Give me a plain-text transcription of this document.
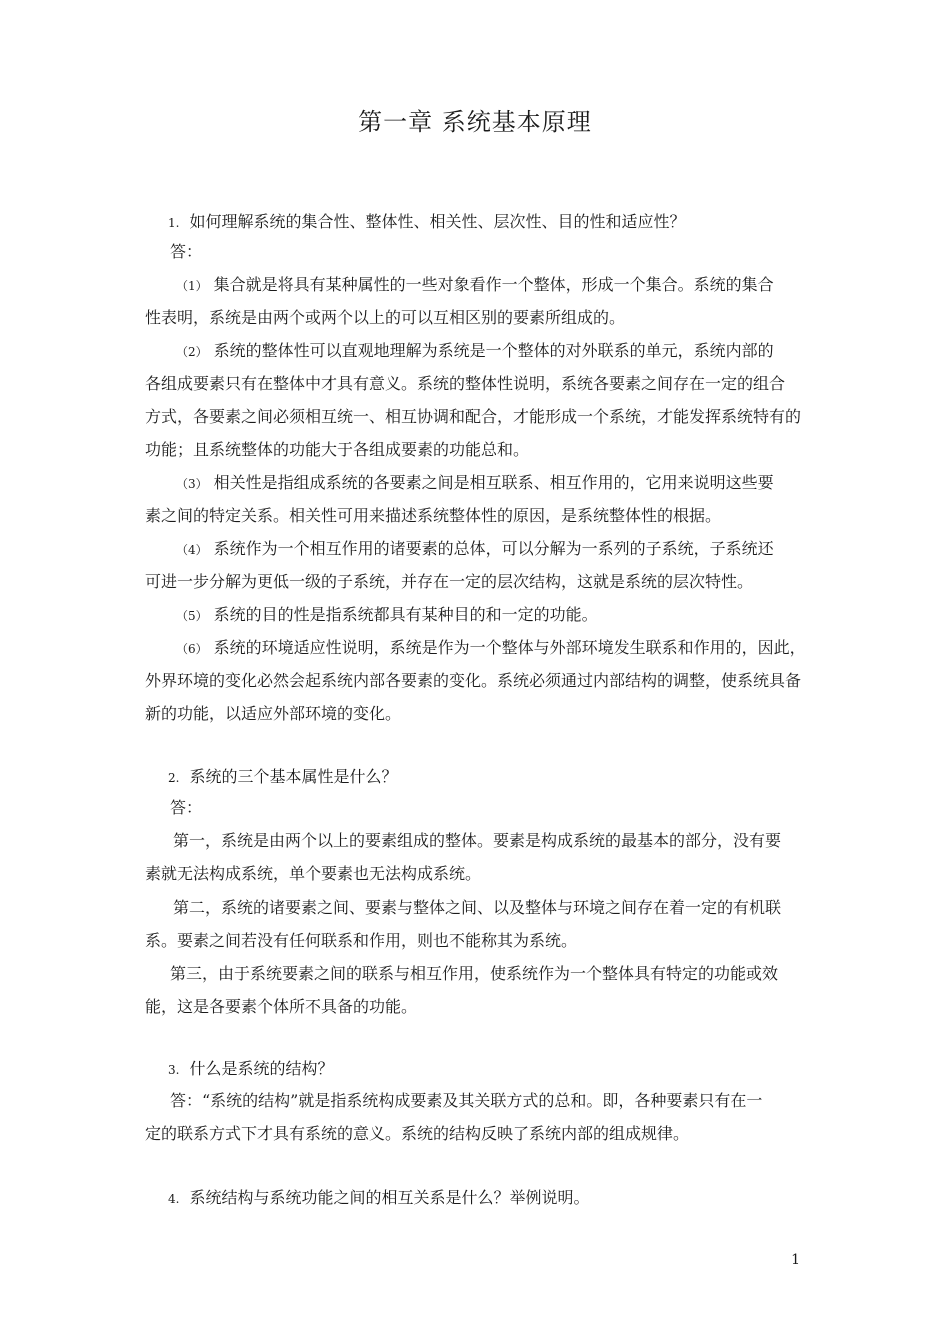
第一章 系统基本原理
1. 如何理解系统的集合性、整体性、相关性、层次性、目的性和适应性？
答：
（1） 集合就是将具有某种属性的一些对象看作一个整体，形成一个集合。系统的集合
性表明，系统是由两个或两个以上的可以互相区别的要素所组成的。
（2） 系统的整体性可以直观地理解为系统是一个整体的对外联系的单元，系统内部的
各组成要素只有在整体中才具有意义。系统的整体性说明，系统各要素之间存在一定的组合
方式，各要素之间必须相互统一、相互协调和配合，才能形成一个系统，才能发挥系统特有的
功能；且系统整体的功能大于各组成要素的功能总和。
（3） 相关性是指组成系统的各要素之间是相互联系、相互作用的，它用来说明这些要
素之间的特定关系。相关性可用来描述系统整体性的原因，是系统整体性的根据。
（4） 系统作为一个相互作用的诸要素的总体，可以分解为一系列的子系统，子系统还
可进一步分解为更低一级的子系统，并存在一定的层次结构，这就是系统的层次特性。
（5） 系统的目的性是指系统都具有某种目的和一定的功能。
（6） 系统的环境适应性说明，系统是作为一个整体与外部环境发生联系和作用的，因此，
外界环境的变化必然会起系统内部各要素的变化。系统必须通过内部结构的调整，使系统具备
新的功能，以适应外部环境的变化。
2. 系统的三个基本属性是什么？
答：
第一，系统是由两个以上的要素组成的整体。要素是构成系统的最基本的部分，没有要
素就无法构成系统，单个要素也无法构成系统。
第二，系统的诸要素之间、要素与整体之间、以及整体与环境之间存在着一定的有机联
系。要素之间若没有任何联系和作用，则也不能称其为系统。
第三，由于系统要素之间的联系与相互作用，使系统作为一个整体具有特定的功能或效
能，这是各要素个体所不具备的功能。
3. 什么是系统的结构？
答：“系统的结构”就是指系统构成要素及其关联方式的总和。即，各种要素只有在一
定的联系方式下才具有系统的意义。系统的结构反映了系统内部的组成规律。
4. 系统结构与系统功能之间的相互关系是什么？举例说明。
1
